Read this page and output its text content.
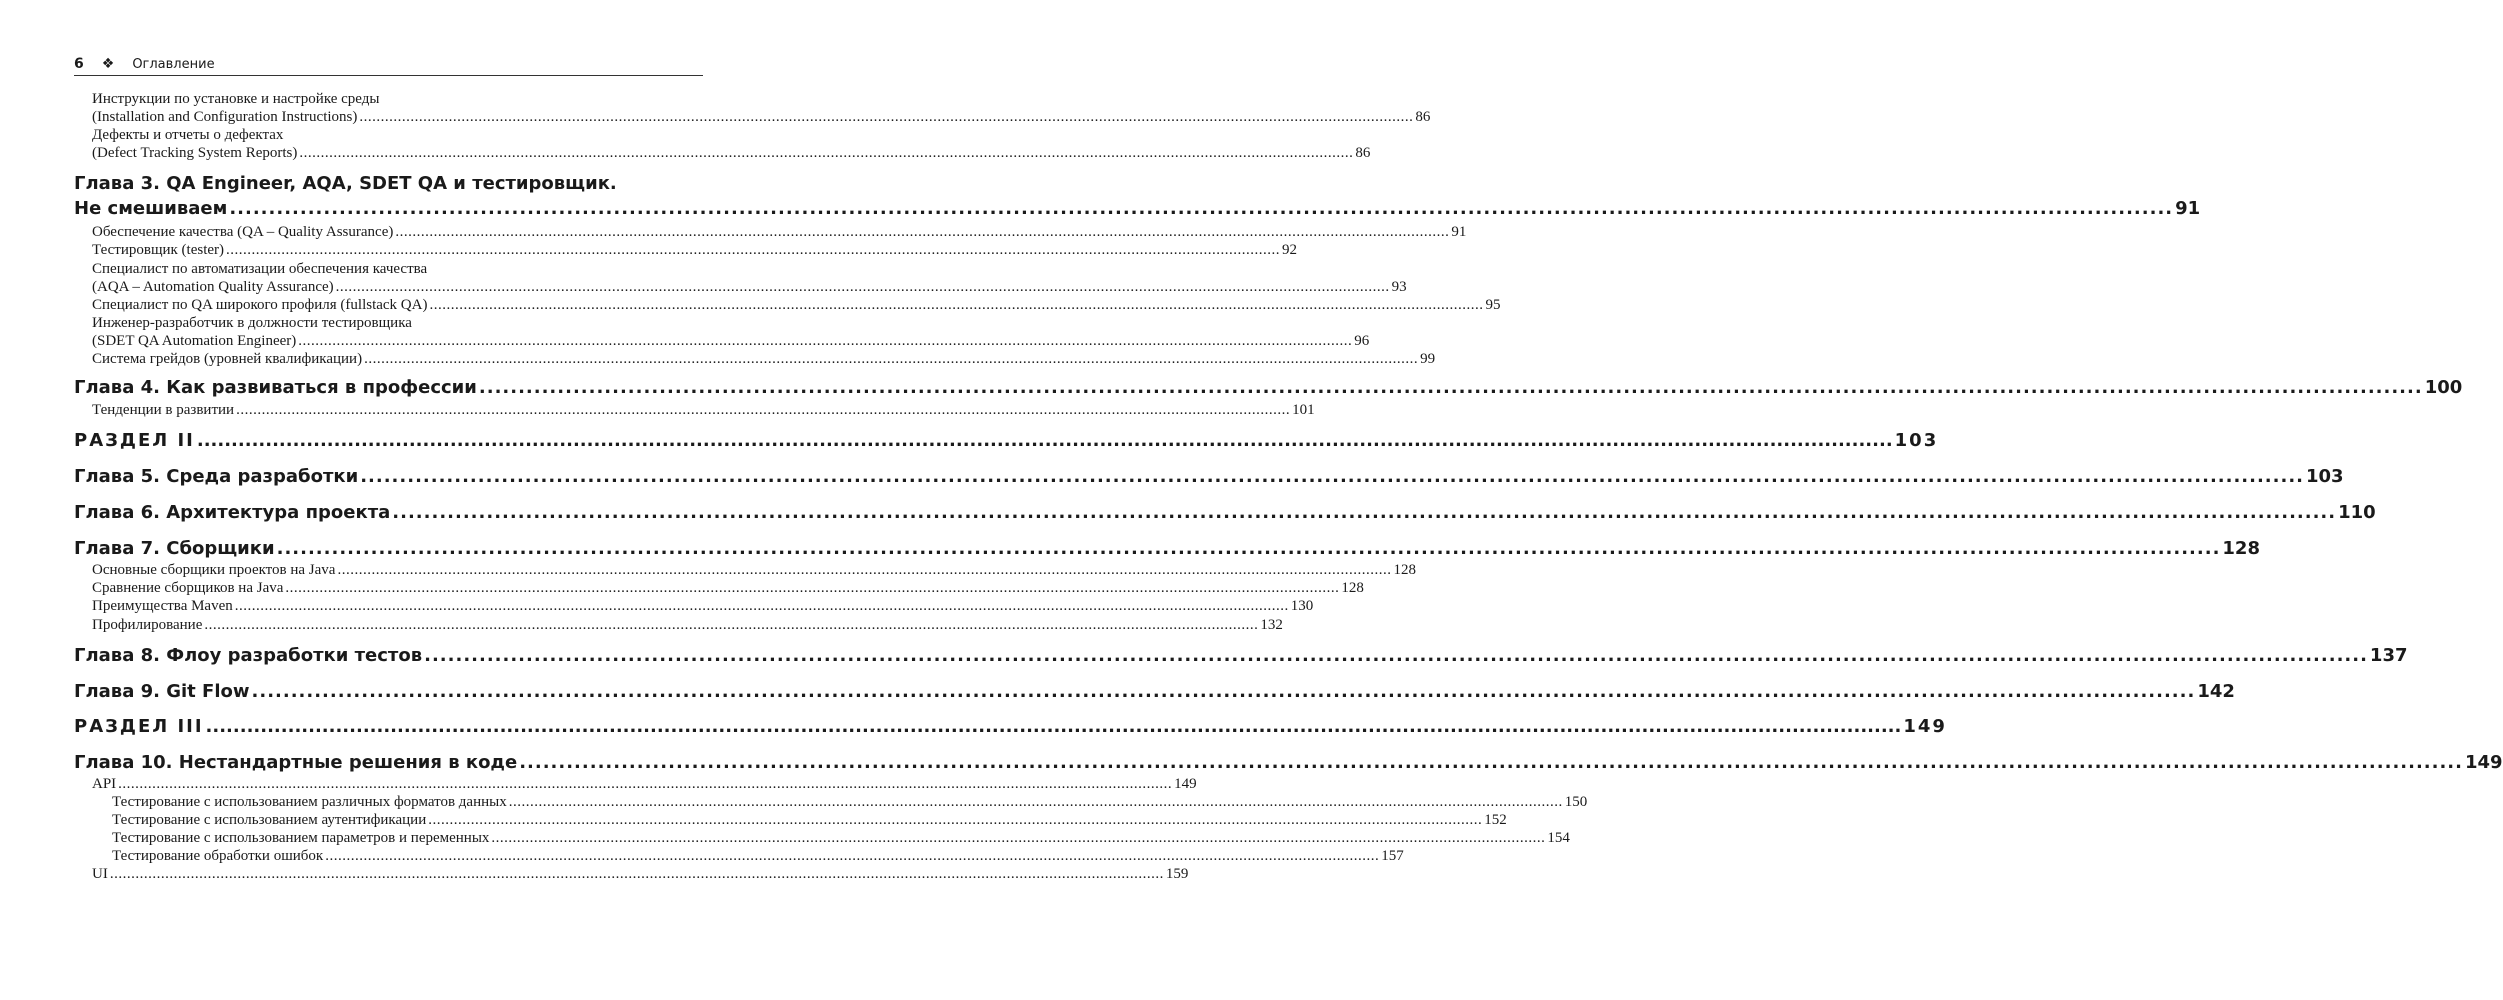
6 ❖ Оглавление
Инструкции по установке и настройке среды
(Installation and Configuration Instructions) .....	86
Дефекты и отчеты о дефектах
(Defect Tracking System Reports) .....	86
Глава 3. QA Engineer, AQA, SDET QA и тестировщик.
Не смешиваем .....	91
Обеспечение качества (QA – Quality Assurance) .....	91
Тестировщик (tester) .....	92
Специалист по автоматизации обеспечения качества
(AQA – Automation Quality Assurance) .....	93
Специалист по QA широкого профиля (fullstack QA) .....	95
Инженер-разработчик в должности тестировщика
(SDET QA Automation Engineer) .....	96
Система грейдов (уровней квалификации) .....	99
Глава 4. Как развиваться в профессии .....	100
Тенденции в развитии .....	101
РАЗДЕЛ II .....	103
Глава 5. Среда разработки .....	103
Глава 6. Архитектура проекта .....	110
Глава 7. Сборщики .....	128
Основные сборщики проектов на Java .....	128
Сравнение сборщиков на Java .....	128
Преимущества Maven .....	130
Профилирование .....	132
Глава 8. Флоу разработки тестов .....	137
Глава 9. Git Flow .....	142
РАЗДЕЛ III .....	149
Глава 10. Нестандартные решения в коде .....	149
API .....	149
Тестирование с использованием различных форматов данных .....	150
Тестирование с использованием аутентификации .....	152
Тестирование с использованием параметров и переменных .....	154
Тестирование обработки ошибок .....	157
UI .....	159
